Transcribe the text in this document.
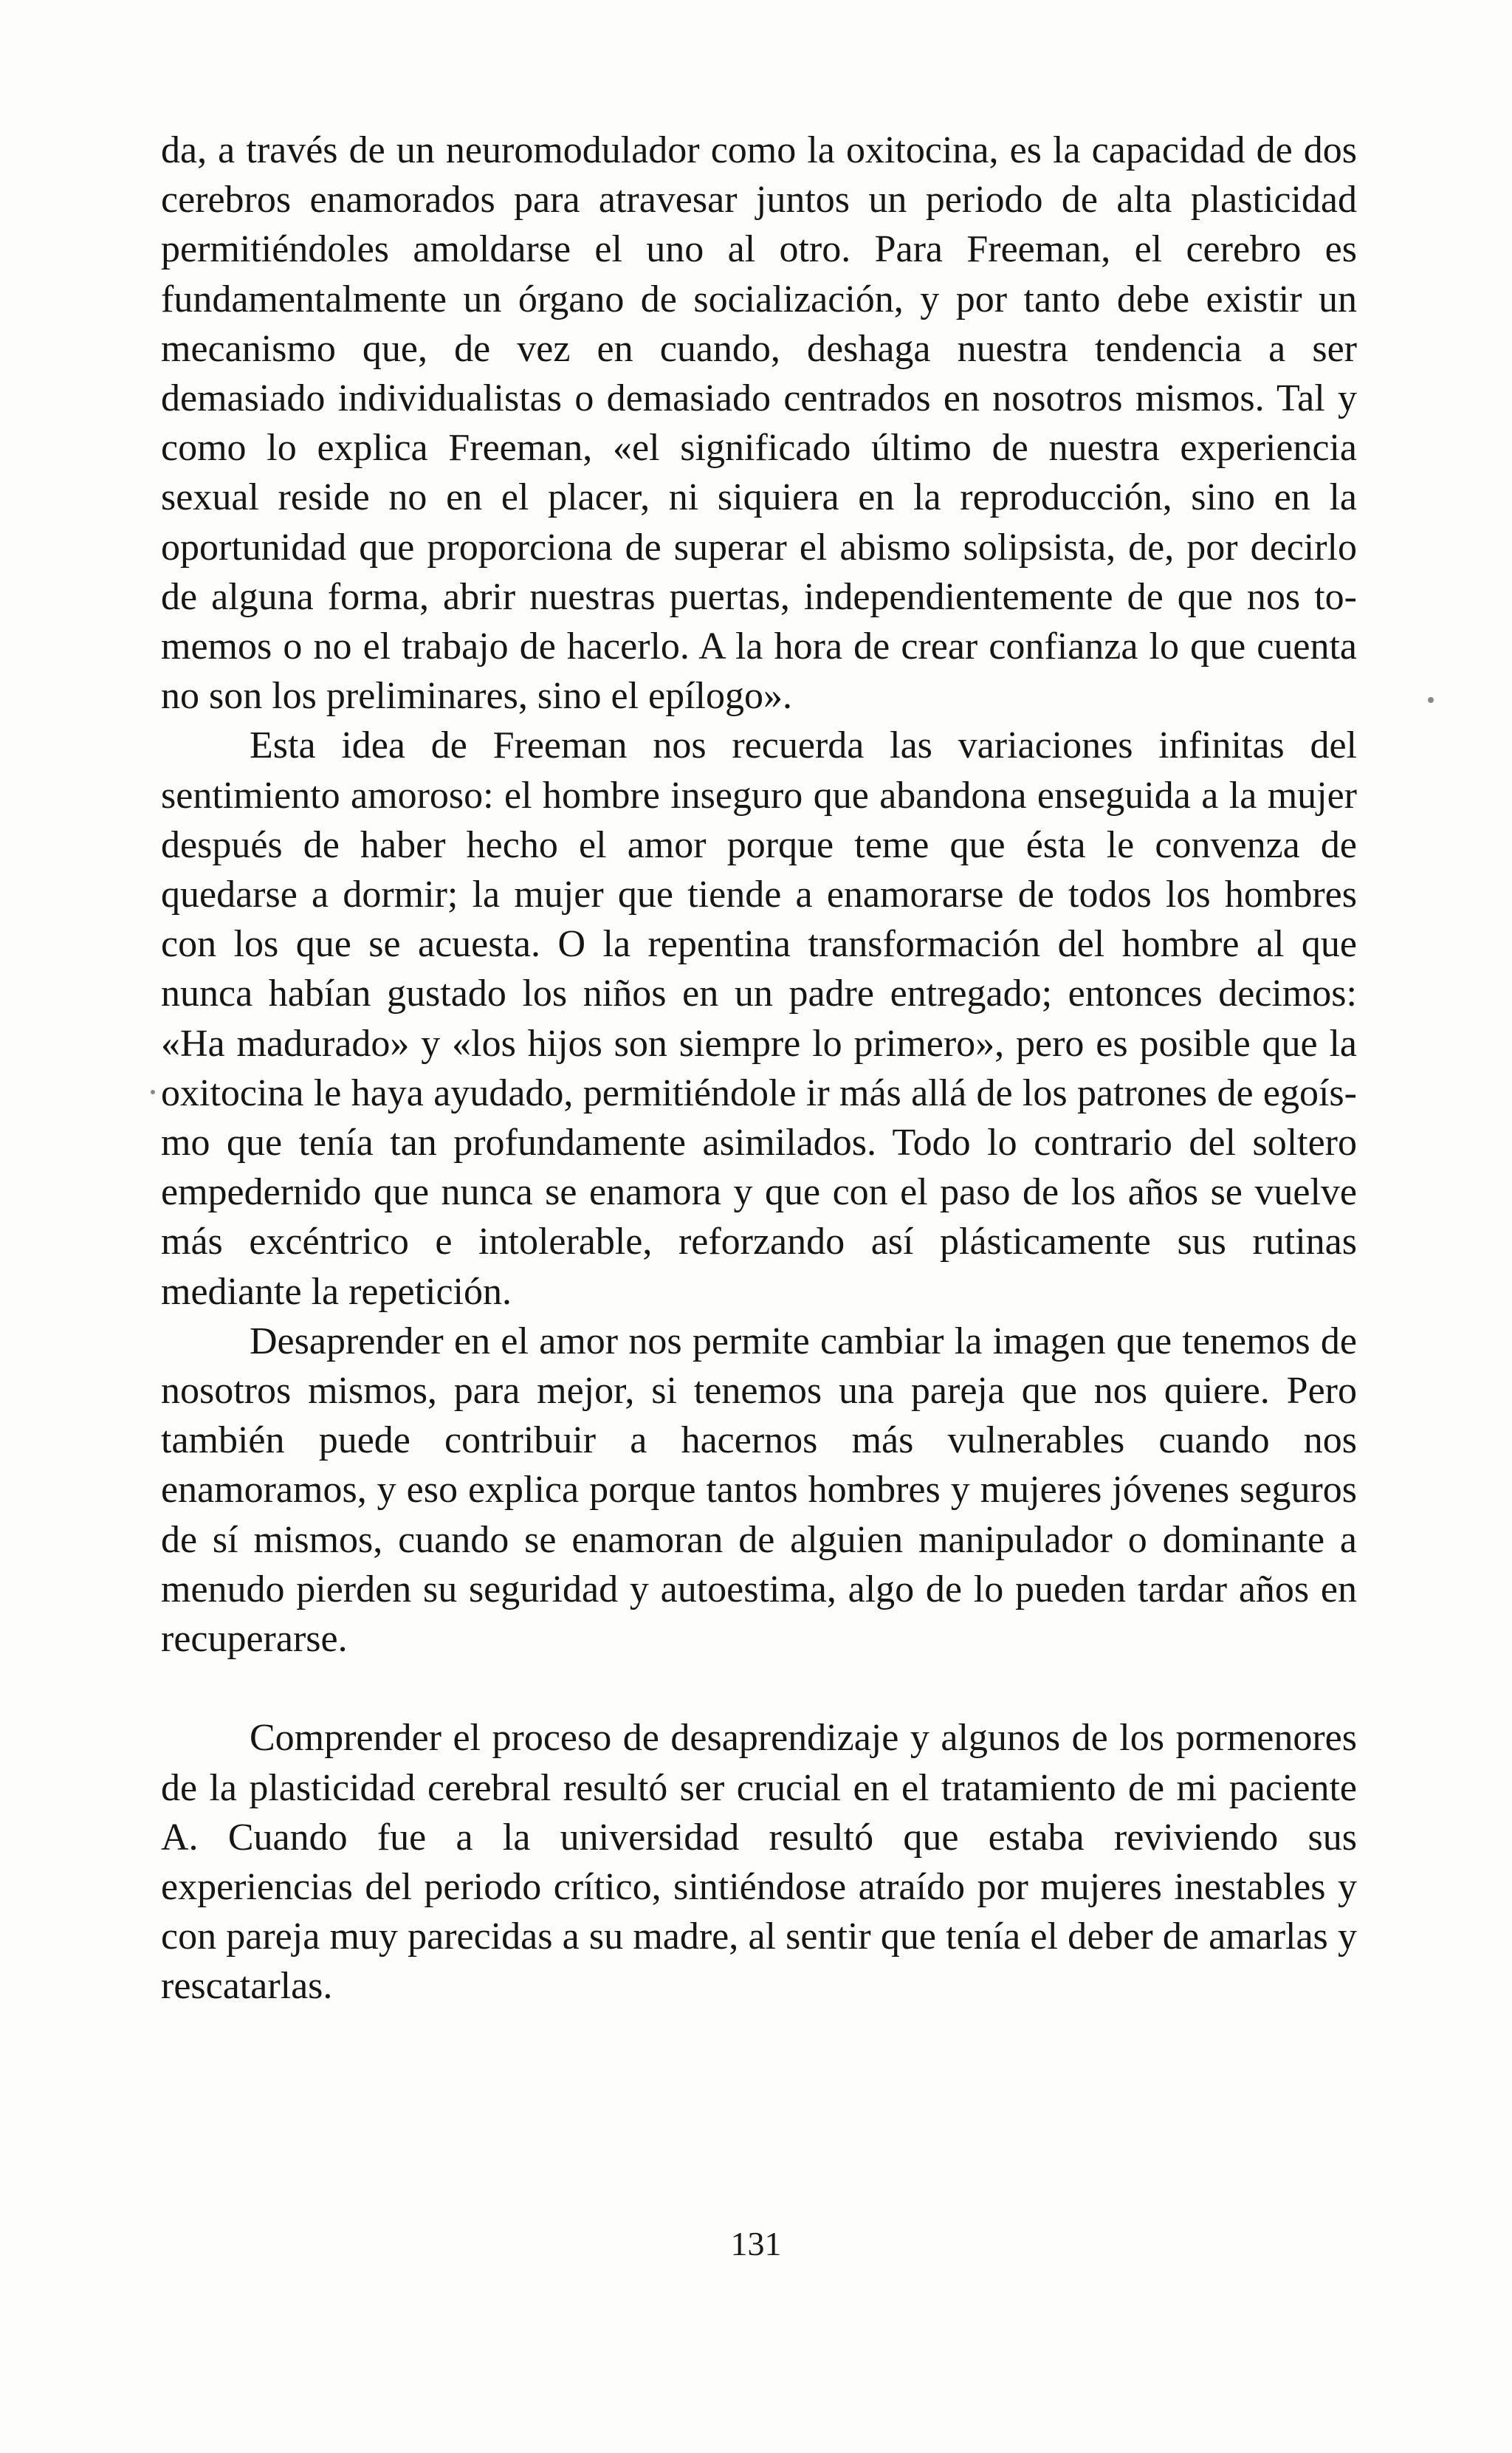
da, a través de un neuromodulador como la oxitocina, es la capacidad de dos cerebros enamorados para atravesar juntos un periodo de alta plasticidad permitiéndoles amoldarse el uno al otro. Para Freeman, el cerebro es fundamentalmente un órgano de socialización, y por tanto debe existir un mecanismo que, de vez en cuando, deshaga nuestra tendencia a ser demasiado individualistas o demasiado centrados en nosotros mismos. Tal y como lo explica Freeman, «el significado último de nuestra experiencia sexual reside no en el placer, ni siquiera en la reproducción, sino en la oportunidad que proporciona de superar el abismo solipsista, de, por decirlo de alguna forma, abrir nuestras puertas, independientemente de que nos tomemos o no el trabajo de hacerlo. A la hora de crear confianza lo que cuenta no son los preliminares, sino el epílogo».

Esta idea de Freeman nos recuerda las variaciones infinitas del sentimiento amoroso: el hombre inseguro que abandona enseguida a la mujer después de haber hecho el amor porque teme que ésta le convenza de quedarse a dormir; la mujer que tiende a enamorarse de todos los hombres con los que se acuesta. O la repentina transformación del hombre al que nunca habían gustado los niños en un padre entregado; entonces decimos: «Ha madurado» y «los hijos son siempre lo primero», pero es posible que la oxitocina le haya ayudado, permitiéndole ir más allá de los patrones de egoísmo que tenía tan profundamente asimilados. Todo lo contrario del soltero empedernido que nunca se enamora y que con el paso de los años se vuelve más excéntrico e intolerable, reforzando así plásticamente sus rutinas mediante la repetición.

Desaprender en el amor nos permite cambiar la imagen que tenemos de nosotros mismos, para mejor, si tenemos una pareja que nos quiere. Pero también puede contribuir a hacernos más vulnerables cuando nos enamoramos, y eso explica porque tantos hombres y mujeres jóvenes seguros de sí mismos, cuando se enamoran de alguien manipulador o dominante a menudo pierden su seguridad y autoestima, algo de lo pueden tardar años en recuperarse.

Comprender el proceso de desaprendizaje y algunos de los pormenores de la plasticidad cerebral resultó ser crucial en el tratamiento de mi paciente A. Cuando fue a la universidad resultó que estaba reviviendo sus experiencias del periodo crítico, sintiéndose atraído por mujeres inestables y con pareja muy parecidas a su madre, al sentir que tenía el deber de amarlas y rescatarlas.

131
